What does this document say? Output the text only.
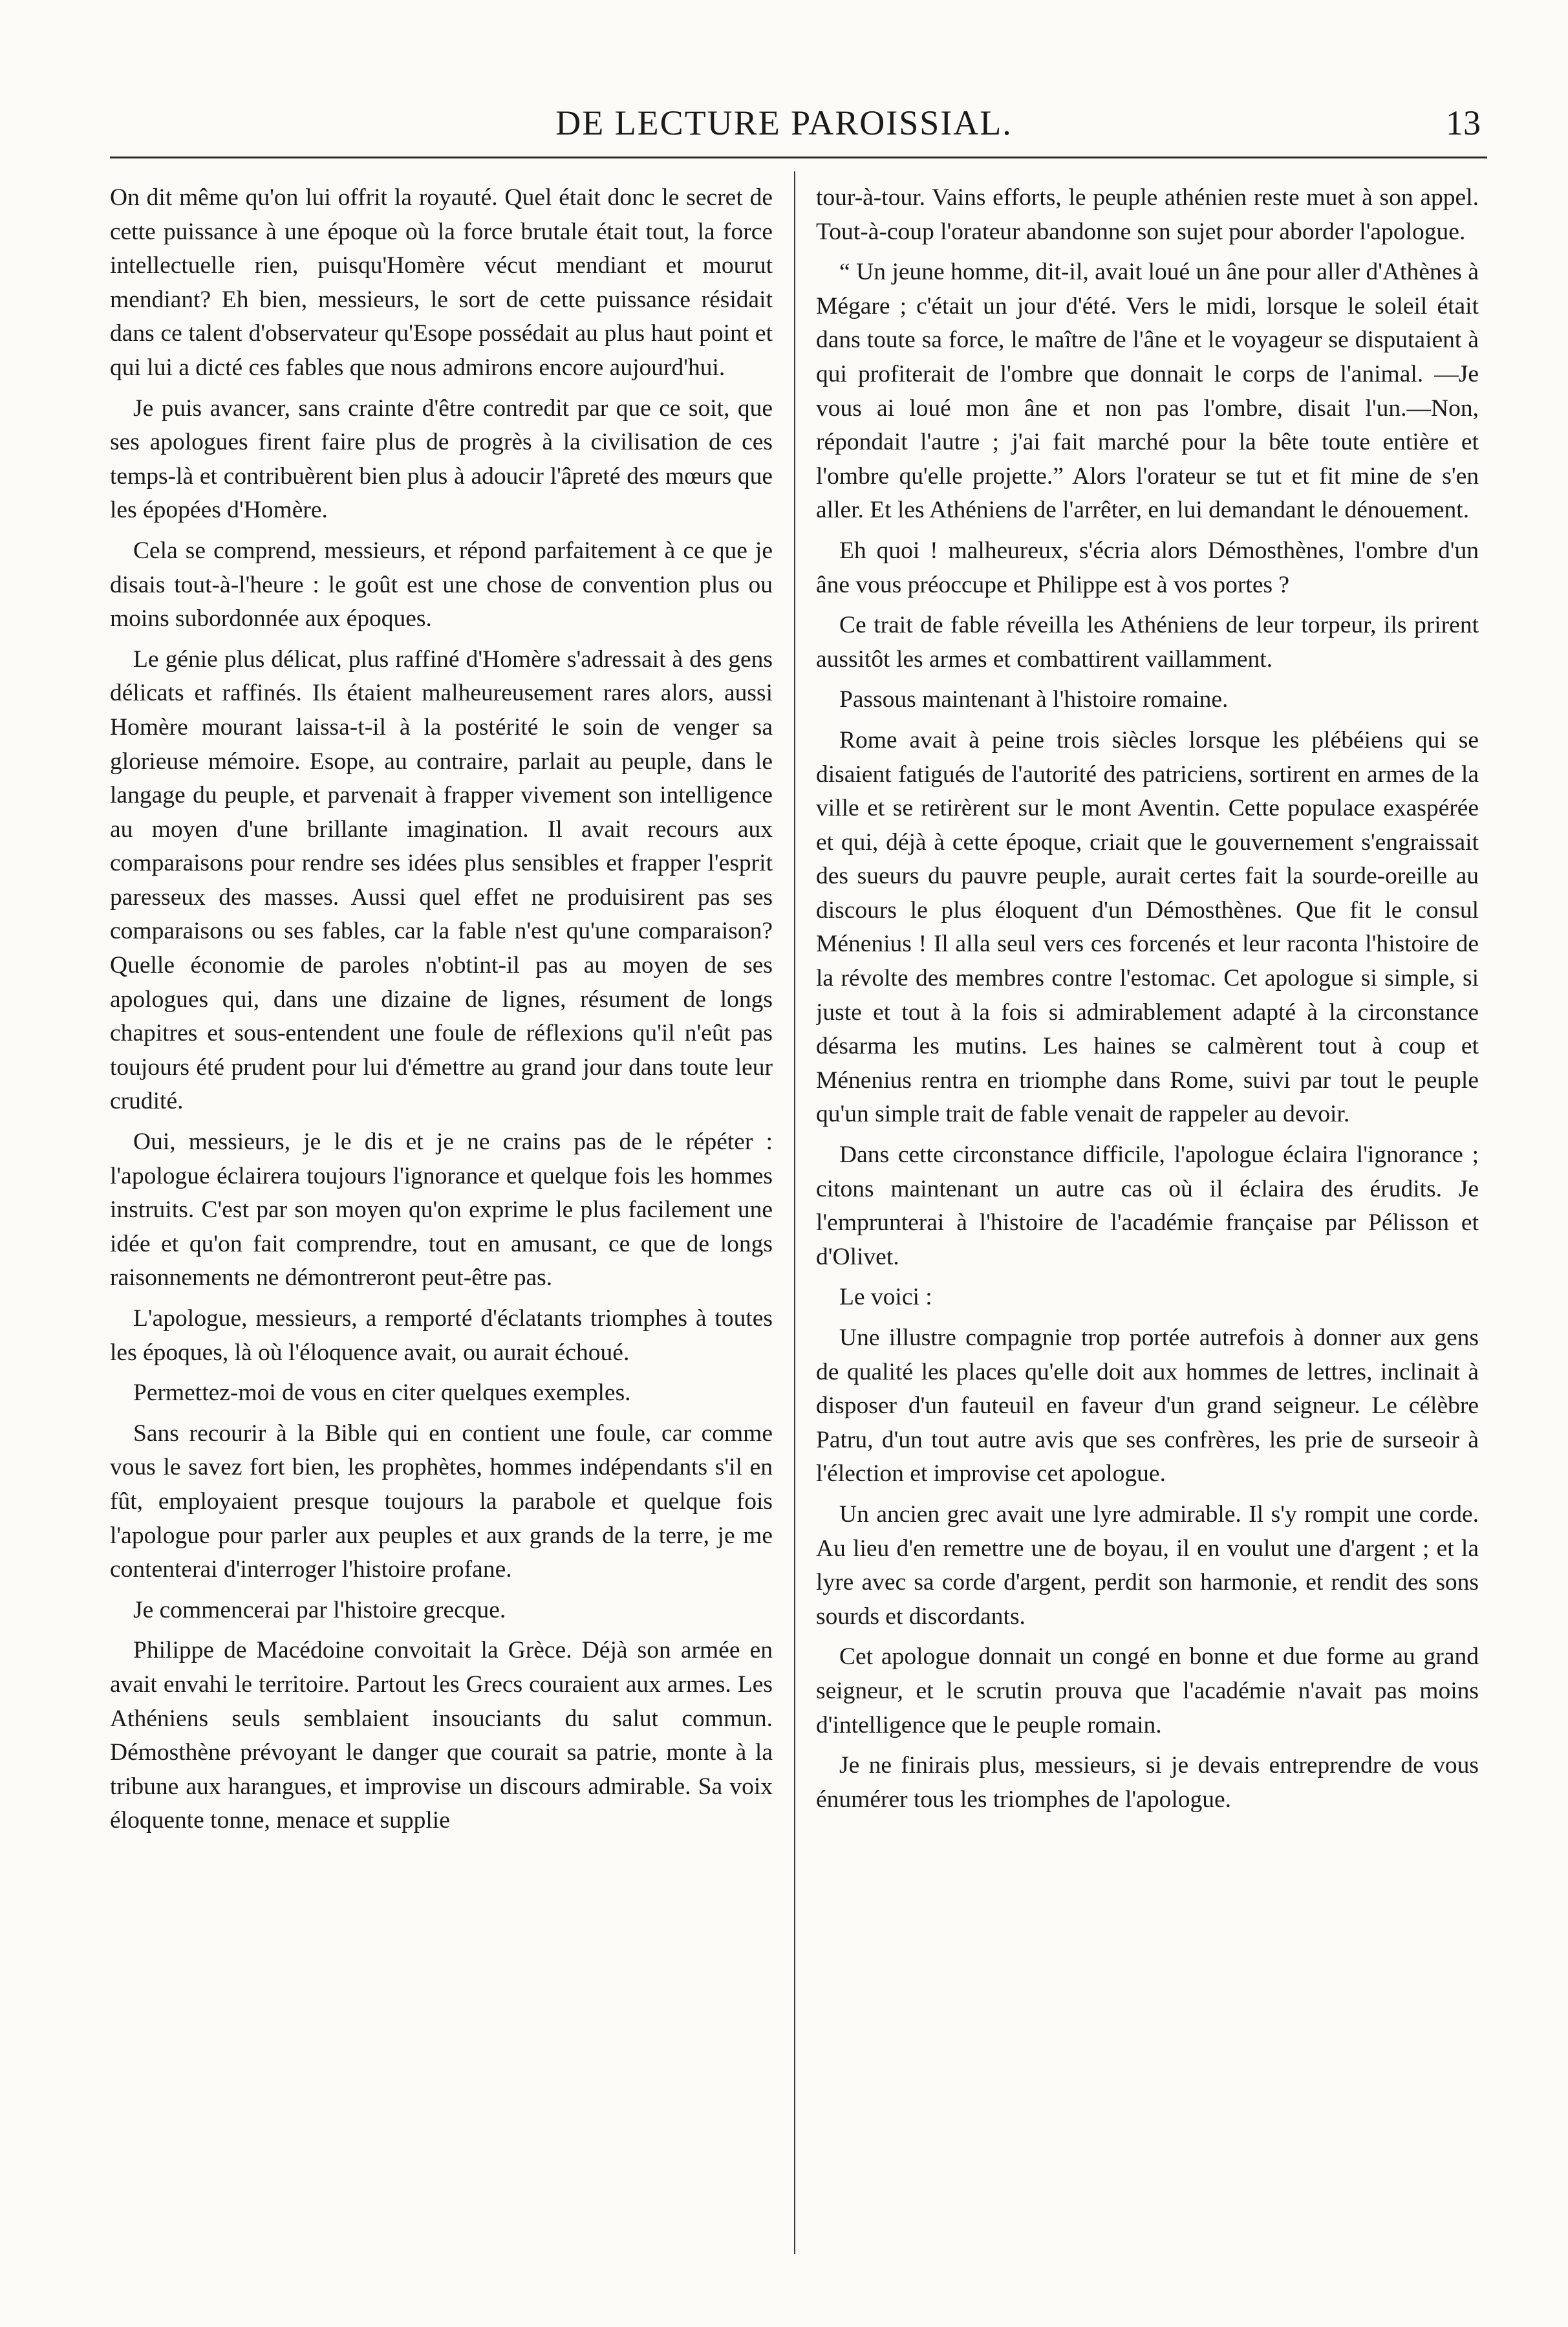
DE LECTURE PAROISSIAL.	13

On dit même qu'on lui offrit la royauté. Quel était donc le secret de cette puissance à une époque où la force brutale était tout, la force intellectuelle rien, puisqu'Homère vécut mendiant et mourut mendiant? Eh bien, messieurs, le sort de cette puissance résidait dans ce talent d'observateur qu'Esope possédait au plus haut point et qui lui a dicté ces fables que nous admirons encore aujourd'hui.

Je puis avancer, sans crainte d'être contredit par que ce soit, que ses apologues firent faire plus de progrès à la civilisation de ces temps-là et contribuèrent bien plus à adoucir l'âpreté des mœurs que les épopées d'Homère.

Cela se comprend, messieurs, et répond parfaitement à ce que je disais tout-à-l'heure : le goût est une chose de convention plus ou moins subordonnée aux époques.

Le génie plus délicat, plus raffiné d'Homère s'adressait à des gens délicats et raffinés. Ils étaient malheureusement rares alors, aussi Homère mourant laissa-t-il à la postérité le soin de venger sa glorieuse mémoire. Esope, au contraire, parlait au peuple, dans le langage du peuple, et parvenait à frapper vivement son intelligence au moyen d'une brillante imagination. Il avait recours aux comparaisons pour rendre ses idées plus sensibles et frapper l'esprit paresseux des masses. Aussi quel effet ne produisirent pas ses comparaisons ou ses fables, car la fable n'est qu'une comparaison? Quelle économie de paroles n'obtint-il pas au moyen de ses apologues qui, dans une dizaine de lignes, résument de longs chapitres et sous-entendent une foule de réflexions qu'il n'eût pas toujours été prudent pour lui d'émettre au grand jour dans toute leur crudité.

Oui, messieurs, je le dis et je ne crains pas de le répéter : l'apologue éclairera toujours l'ignorance et quelque fois les hommes instruits. C'est par son moyen qu'on exprime le plus facilement une idée et qu'on fait comprendre, tout en amusant, ce que de longs raisonnements ne démontreront peut-être pas.

L'apologue, messieurs, a remporté d'éclatants triomphes à toutes les époques, là où l'éloquence avait, ou aurait échoué.

Permettez-moi de vous en citer quelques exemples.

Sans recourir à la Bible qui en contient une foule, car comme vous le savez fort bien, les prophètes, hommes indépendants s'il en fût, employaient presque toujours la parabole et quelque fois l'apologue pour parler aux peuples et aux grands de la terre, je me contenterai d'interroger l'histoire profane.

Je commencerai par l'histoire grecque.

Philippe de Macédoine convoitait la Grèce. Déjà son armée en avait envahi le territoire. Partout les Grecs couraient aux armes. Les Athéniens seuls semblaient insouciants du salut commun. Démosthène prévoyant le danger que courait sa patrie, monte à la tribune aux harangues, et improvise un discours admirable. Sa voix éloquente tonne, menace et supplie

tour-à-tour. Vains efforts, le peuple athénien reste muet à son appel. Tout-à-coup l'orateur abandonne son sujet pour aborder l'apologue.

“ Un jeune homme, dit-il, avait loué un âne pour aller d'Athènes à Mégare ; c'était un jour d'été. Vers le midi, lorsque le soleil était dans toute sa force, le maître de l'âne et le voyageur se disputaient à qui profiterait de l'ombre que donnait le corps de l'animal. —Je vous ai loué mon âne et non pas l'ombre, disait l'un.—Non, répondait l'autre ; j'ai fait marché pour la bête toute entière et l'ombre qu'elle projette.” Alors l'orateur se tut et fit mine de s'en aller. Et les Athéniens de l'arrêter, en lui demandant le dénouement.

Eh quoi ! malheureux, s'écria alors Démosthènes, l'ombre d'un âne vous préoccupe et Philippe est à vos portes ?

Ce trait de fable réveilla les Athéniens de leur torpeur, ils prirent aussitôt les armes et combattirent vaillamment.

Passous maintenant à l'histoire romaine.

Rome avait à peine trois siècles lorsque les plébéiens qui se disaient fatigués de l'autorité des patriciens, sortirent en armes de la ville et se retirèrent sur le mont Aventin. Cette populace exaspérée et qui, déjà à cette époque, criait que le gouvernement s'engraissait des sueurs du pauvre peuple, aurait certes fait la sourde-oreille au discours le plus éloquent d'un Démosthènes. Que fit le consul Ménenius ! Il alla seul vers ces forcenés et leur raconta l'histoire de la révolte des membres contre l'estomac. Cet apologue si simple, si juste et tout à la fois si admirablement adapté à la circonstance désarma les mutins. Les haines se calmèrent tout à coup et Ménenius rentra en triomphe dans Rome, suivi par tout le peuple qu'un simple trait de fable venait de rappeler au devoir.

Dans cette circonstance difficile, l'apologue éclaira l'ignorance ; citons maintenant un autre cas où il éclaira des érudits. Je l'emprunterai à l'histoire de l'académie française par Pélisson et d'Olivet.

Le voici :

Une illustre compagnie trop portée autrefois à donner aux gens de qualité les places qu'elle doit aux hommes de lettres, inclinait à disposer d'un fauteuil en faveur d'un grand seigneur. Le célèbre Patru, d'un tout autre avis que ses confrères, les prie de surseoir à l'élection et improvise cet apologue.

Un ancien grec avait une lyre admirable. Il s'y rompit une corde. Au lieu d'en remettre une de boyau, il en voulut une d'argent ; et la lyre avec sa corde d'argent, perdit son harmonie, et rendit des sons sourds et discordants.

Cet apologue donnait un congé en bonne et due forme au grand seigneur, et le scrutin prouva que l'académie n'avait pas moins d'intelligence que le peuple romain.

Je ne finirais plus, messieurs, si je devais entreprendre de vous énumérer tous les triomphes de l'apologue.
